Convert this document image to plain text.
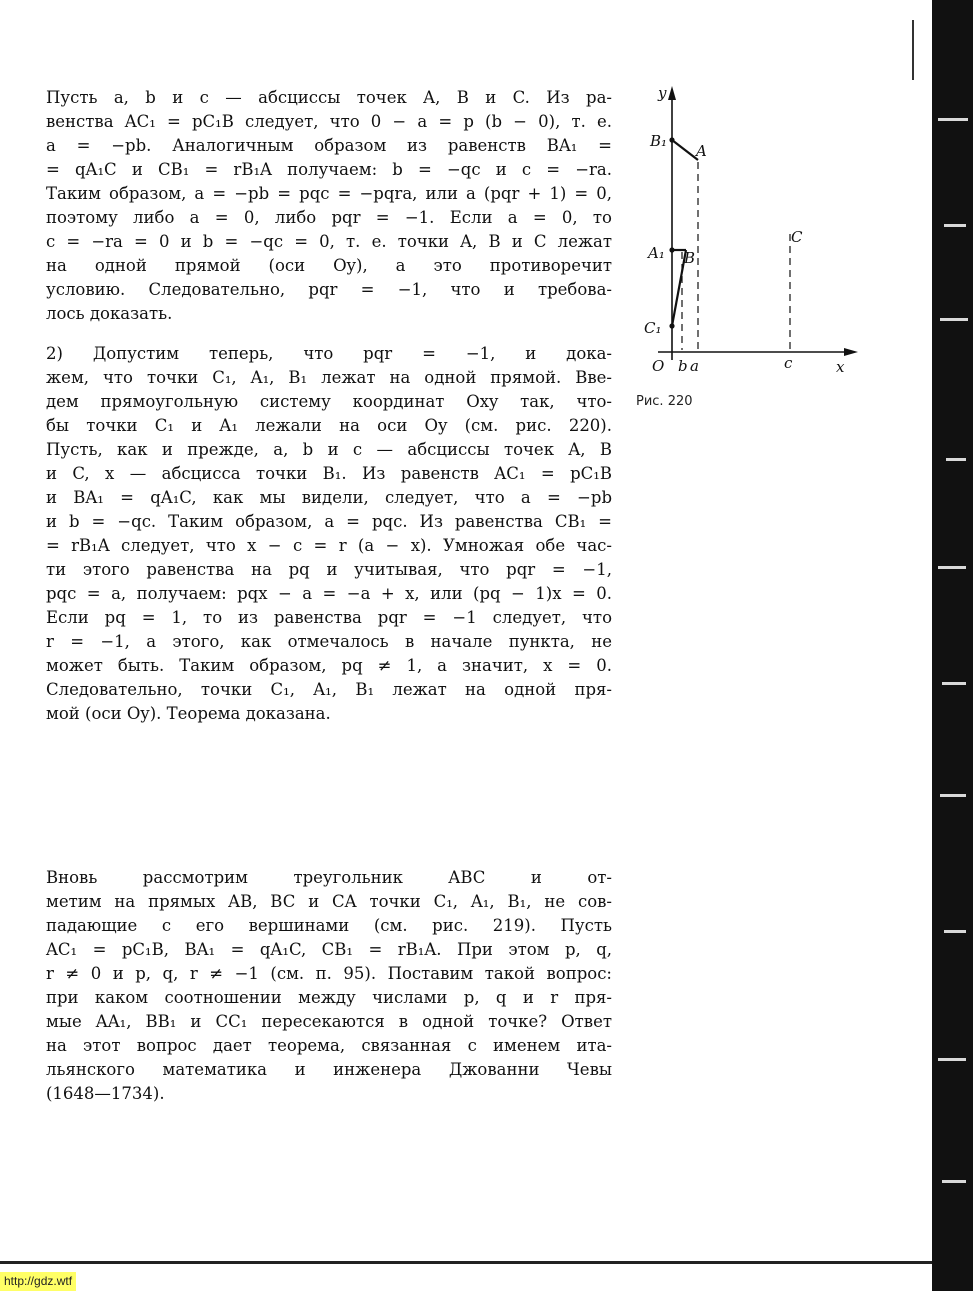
Пусть a, b и c — абсциссы точек A, B и C. Из ра-
венства AC₁ = pC₁B следует, что 0 − a = p (b − 0), т. е.
a = −pb. Аналогичным образом из равенств BA₁ =
= qA₁C и CB₁ = rB₁A получаем: b = −qc и c = −ra.
Таким образом, a = −pb = pqc = −pqra, или a (pqr + 1) = 0,
поэтому либо a = 0, либо pqr = −1. Если a = 0, то
c = −ra = 0 и b = −qc = 0, т. е. точки A, B и C лежат
на одной прямой (оси Oy), а это противоречит
условию. Следовательно, pqr = −1, что и требова-
лось доказать.
2) Допустим теперь, что pqr = −1, и дока-
жем, что точки C₁, A₁, B₁ лежат на одной прямой. Вве-
дем прямоугольную систему координат Oxy так, что-
бы точки C₁ и A₁ лежали на оси Oy (см. рис. 220).
Пусть, как и прежде, a, b и c — абсциссы точек A, B
и C, x — абсцисса точки B₁. Из равенств AC₁ = pC₁B
и BA₁ = qA₁C, как мы видели, следует, что a = −pb
и b = −qc. Таким образом, a = pqc. Из равенства CB₁ =
= rB₁A следует, что x − c = r (a − x). Умножая обе час-
ти этого равенства на pq и учитывая, что pqr = −1,
pqc = a, получаем: pqx − a = −a + x, или (pq − 1)x = 0.
Если pq = 1, то из равенства pqr = −1 следует, что
r = −1, а этого, как отмечалось в начале пункта, не
может быть. Таким образом, pq ≠ 1, а значит, x = 0.
Следовательно, точки C₁, A₁, B₁ лежат на одной пря-
мой (оси Oy). Теорема доказана.
Вновь рассмотрим треугольник ABC и от-
метим на прямых AB, BC и CA точки C₁, A₁, B₁, не сов-
падающие с его вершинами (см. рис. 219). Пусть
AC₁ = pC₁B, BA₁ = qA₁C, CB₁ = rB₁A. При этом p, q,
r ≠ 0 и p, q, r ≠ −1 (см. п. 95). Поставим такой вопрос:
при каком соотношении между числами p, q и r пря-
мые AA₁, BB₁ и CC₁ пересекаются в одной точке? Ответ
на этот вопрос дает теорема, связанная с именем ита-
льянского математика и инженера Джованни Чевы
(1648—1734).
y
x
O
B₁
A
A₁ B
C₁
C
b a	c
Рис. 220
http://gdz.wtf
